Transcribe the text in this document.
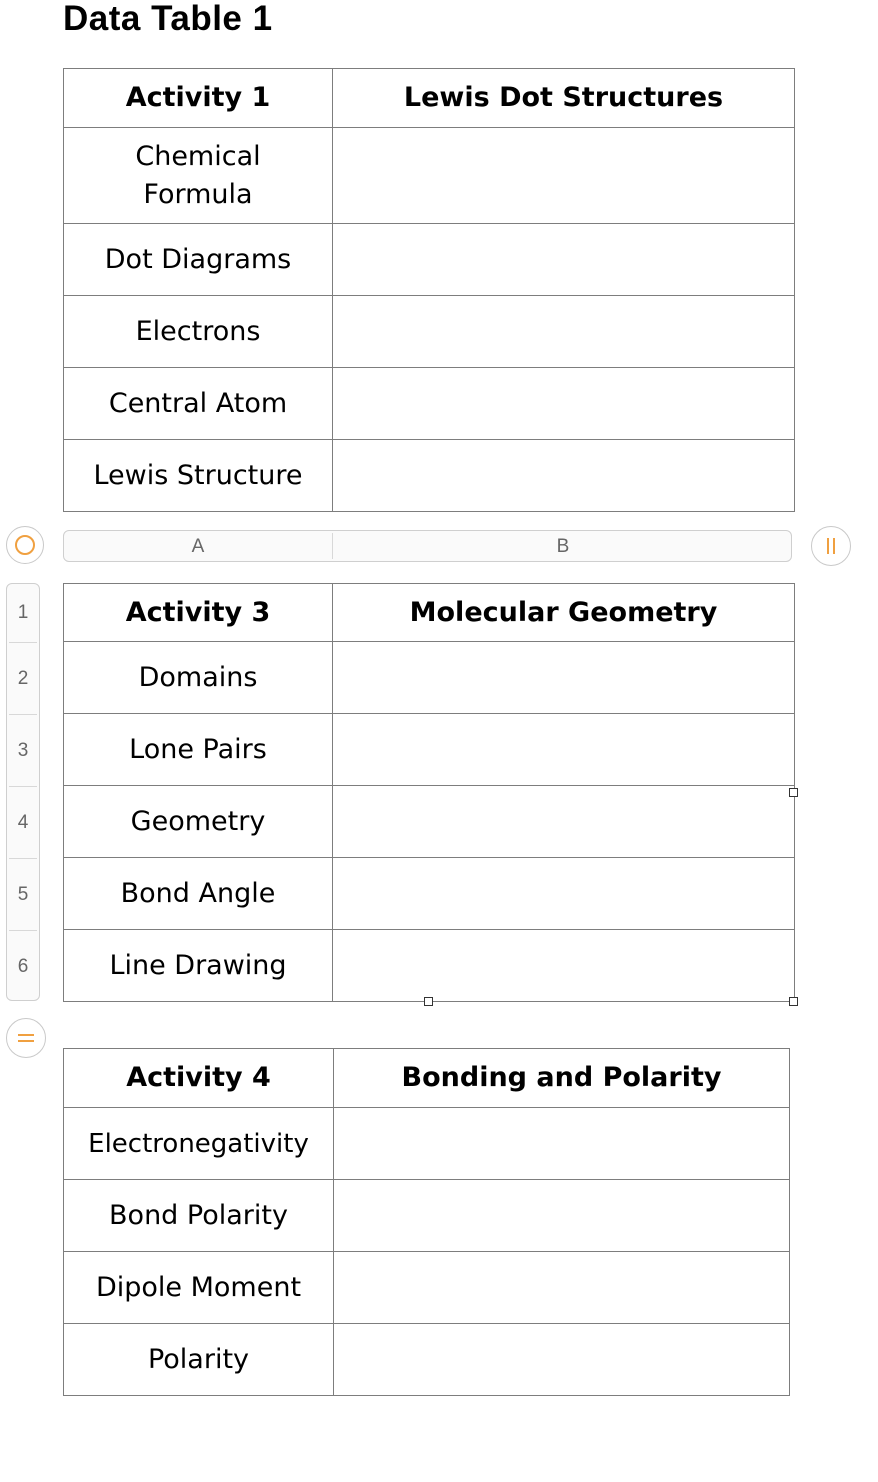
Data Table 1
Activity 1	Lewis Dot Structures
Chemical Formula	
Dot Diagrams	
Electrons	
Central Atom	
Lewis Structure	
A	B
1
2
3
4
5
6
Activity 3	Molecular Geometry
Domains	
Lone Pairs	
Geometry	
Bond Angle	
Line Drawing	
Activity 4	Bonding and Polarity
Electronegativity	
Bond Polarity	
Dipole Moment	
Polarity	
